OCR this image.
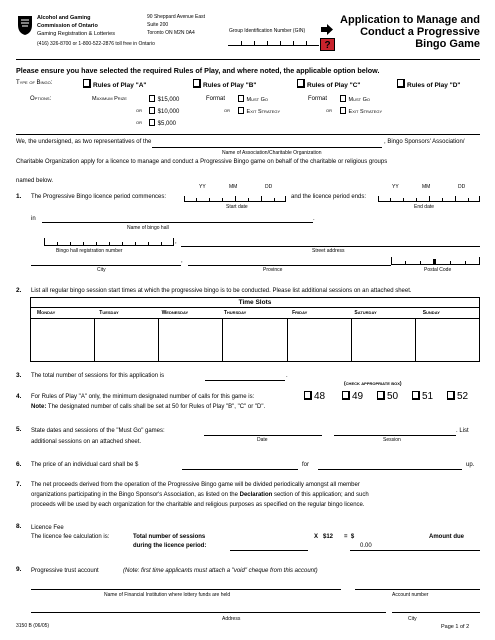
Alcohol and Gaming
Commission of Ontario
Gaming Registration & Lotteries
(416) 326-8700 or 1-800-522-2876 toll free in Ontario
90 Sheppard Avenue East
Suite 200
Toronto ON M2N 0A4	Group Identification Number (GIN)
?
Application to Manage and
Conduct a Progressive
Bingo Game
Please ensure you have selected the required Rules of Play, and where noted, the applicable option below.
Type of Bingo:	Rules of Play "A"	Rules of Play "B"	Rules of Play "C"	Rules of Play "D"
Options:	Maximum Prize	$15,000
or	$10,000
or	$5,000
Format	Must Go
or	Exit Strategy
Format	Must Go
or	Exit Strategy
We, the undersigned, as two representatives of the
Name of Association/Charitable Organization
, Bingo Sponsors' Association/
Charitable Organization apply for a licence to manage and conduct a Progressive Bingo game on behalf of the charitable or religious groups
named below.
YY	MM	DD	YY	MM	DD
1. The Progressive Bingo licence period commences:
Start date
and the licence period ends:
End date
in	.
Name of bingo hall
Bingo hall registration number
,
Street address
,
City	Province	Postal Code
2. List all regular bingo session start times at which the progressive bingo is to be conducted. Please list additional sessions on an attached sheet.
Time Slots
Monday	Tuesday	Wednesday	Thursday	Friday	Saturday	Sunday
3. The total number of sessions for this application is	.
(check appropriate box)
4. For Rules of Play "A" only, the minimum designated number of calls for this game is:	48	49	50	51	52
Note: The designated number of calls shall be set at 50 for Rules of Play "B", "C" or "D".
5. State dates and sessions of the "Must Go" games:
Date	Session
. List
additional sessions on an attached sheet.
6. The price of an individual card shall be $	for	up.
7. The net proceeds derived from the operation of the Progressive Bingo game will be divided periodically amongst all member
organizations participating in the Bingo Sponsor's Association, as listed on the Declaration section of this application; and such
proceeds will be used by each organization for the charitable and religious purposes as specified on the regular bingo licence.
8. Licence Fee
The licence fee calculation is:	Total number of sessions
during the licence period:
X   $12 =  $
0.00
Amount due
9. Progressive trust account	(Note: first time applicants must attach a "void" cheque from this account)
Name of Financial Institution where lottery funds are held	Account number
Address	City
3150 B (06/05)	Page 1 of 2
